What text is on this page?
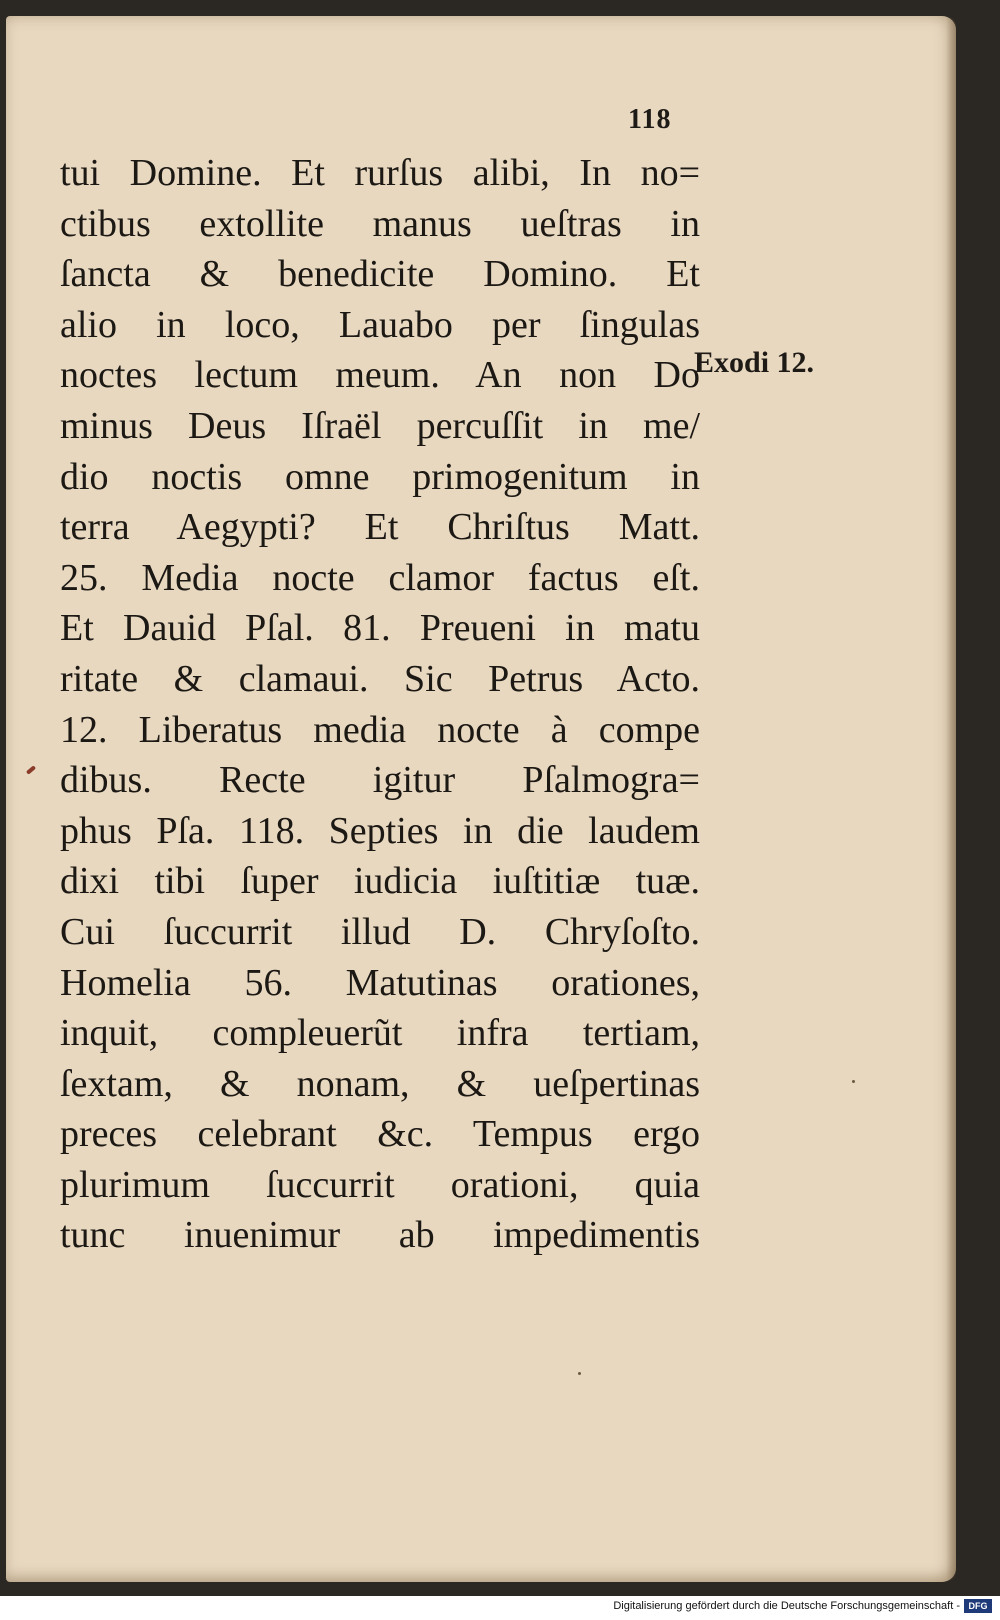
118
Exodi 12.
tui Domine. Et rurſus alibi, In no=
ctibus extollite manus ueſtras in
ſancta & benedicite Domino. Et
alio in loco, Lauabo per ſingulas
noctes lectum meum. An non Do
minus Deus Iſraël percuſſit in me/
dio noctis omne primogenitum in
terra Aegypti? Et Chriſtus Matt.
25. Media nocte clamor factus eſt.
Et Dauid Pſal. 81. Preueni in matu
ritate & clamaui. Sic Petrus Acto.
12. Liberatus media nocte à compe
dibus. Recte igitur Pſalmogra=
phus Pſa. 118. Septies in die laudem
dixi tibi ſuper iudicia iuſtitiæ tuæ.
Cui ſuccurrit illud D. Chryſoſto.
Homelia 56. Matutinas orationes,
inquit, compleuerũt infra tertiam,
ſextam, & nonam, & ueſpertinas
preces celebrant &c. Tempus ergo
plurimum ſuccurrit orationi, quia
tunc inuenimur ab impedimentis
Digitalisierung gefördert durch die Deutsche Forschungsgemeinschaft - DFG
